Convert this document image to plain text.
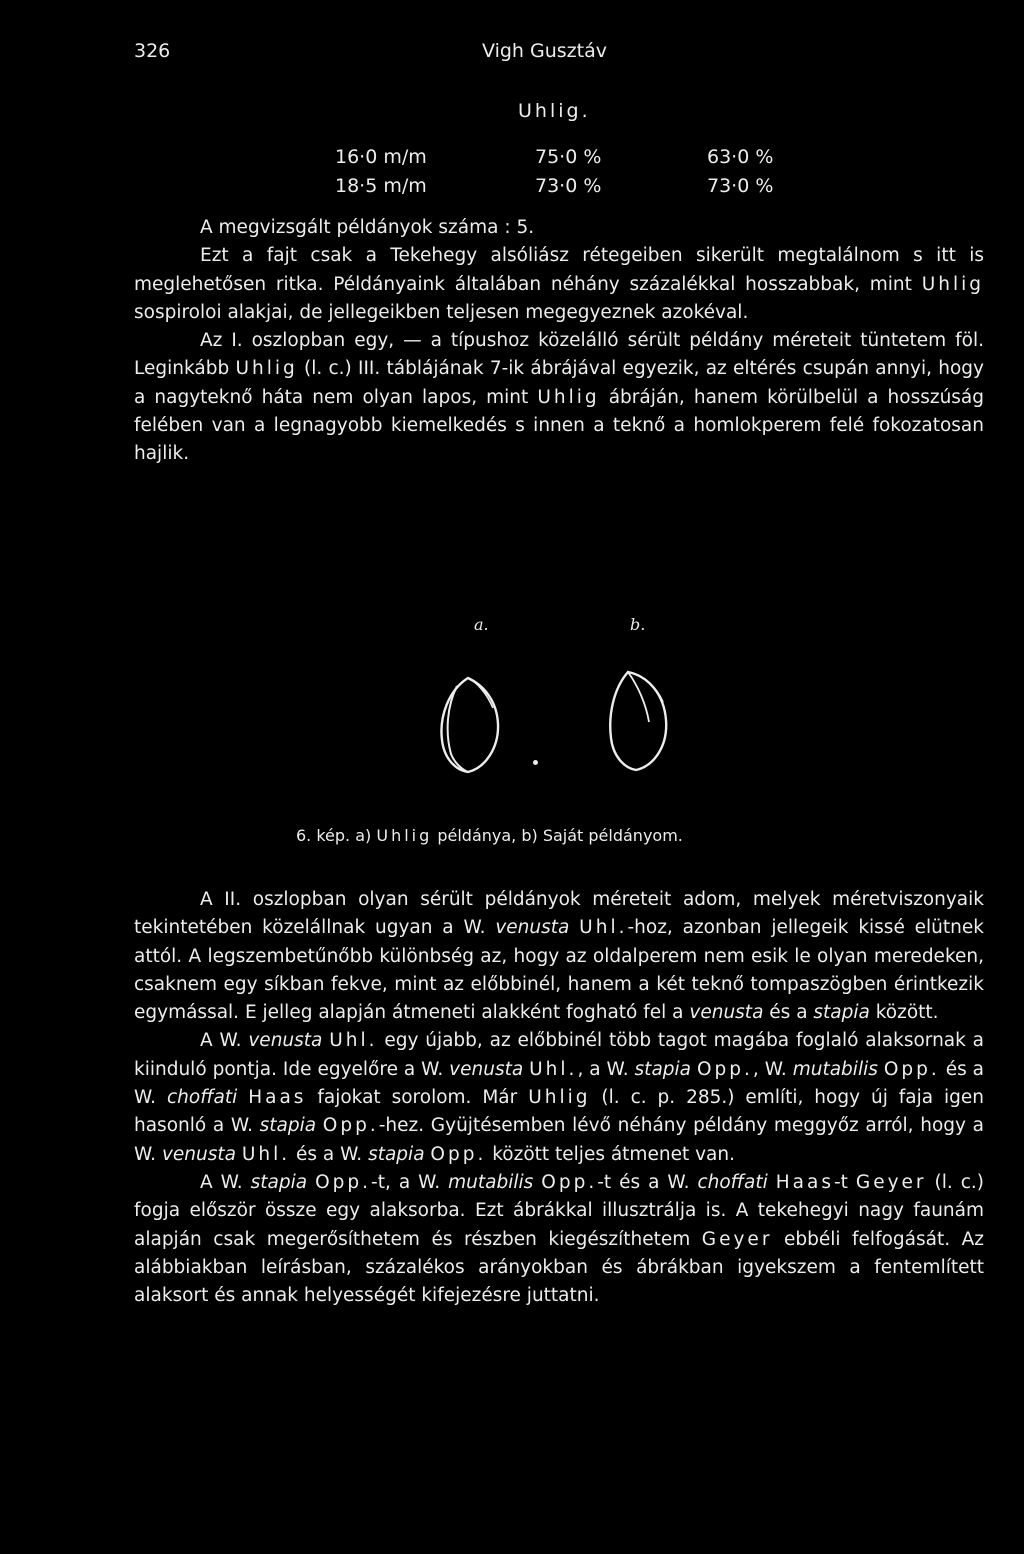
326	Vigh Gusztáv
Uhlig.
16·0 m/m	75·0 %	63·0 %
18·5 m/m	73·0 %	73·0 %

A megvizsgált példányok száma : 5.

Ezt a fajt csak a Tekehegy alsóliász rétegeiben sikerült megtalálnom s itt is meglehetősen ritka. Példányaink általában néhány százalékkal hosszabbak, mint Uhlig sospiroloi alakjai, de jellegeikben teljesen megegyeznek azokéval.

Az I. oszlopban egy, — a típushoz közelálló sérült példány méreteit tüntetem föl. Leginkább Uhlig (l. c.) III. táblájának 7-ik ábrájával egyezik, az eltérés csupán annyi, hogy a nagyteknő háta nem olyan lapos, mint Uhlig ábráján, hanem körülbelül a hosszúság felében van a legnagyobb kiemelkedés s innen a teknő a homlokperem felé fokozatosan hajlik.

a.	b.
6. kép. a) Uhlig példánya, b) Saját példányom.

A II. oszlopban olyan sérült példányok méreteit adom, melyek méretviszonyaik tekintetében közelállnak ugyan a W. venusta Uhl.-hoz, azonban jellegeik kissé elütnek attól. A legszembetűnőbb különbség az, hogy az oldalperem nem esik le olyan meredeken, csaknem egy síkban fekve, mint az előbbinél, hanem a két teknő tompaszögben érintkezik egymással. E jelleg alapján átmeneti alakként fogható fel a venusta és a stapia között.

A W. venusta Uhl. egy újabb, az előbbinél több tagot magába foglaló alaksornak a kiinduló pontja. Ide egyelőre a W. venusta Uhl., a W. stapia Opp., W. mutabilis Opp. és a W. choffati Haas fajokat sorolom. Már Uhlig (l. c. p. 285.) említi, hogy új faja igen hasonló a W. stapia Opp.-hez. Gyüjtésemben lévő néhány példány meggyőz arról, hogy a W. venusta Uhl. és a W. stapia Opp. között teljes átmenet van.

A W. stapia Opp.-t, a W. mutabilis Opp.-t és a W. choffati Haas-t Geyer (l. c.) fogja először össze egy alaksorba. Ezt ábrákkal illusztrálja is. A tekehegyi nagy faunám alapján csak megerősíthetem és részben kiegészíthetem Geyer ebbéli felfogását. Az alábbiakban leírásban, százalékos arányokban és ábrákban igyekszem a fentemlített alaksort és annak helyességét kifejezésre juttatni.
